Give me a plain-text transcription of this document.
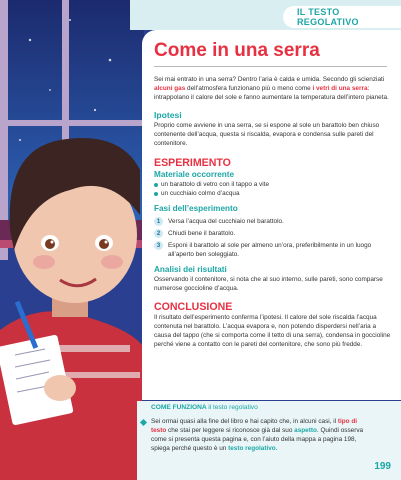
IL TESTO REGOLATIVO
Come in una serra
Sei mai entrato in una serra? Dentro l’aria è calda e umida. Secondo gli scienziati alcuni gas dell’atmosfera funzionano più o meno come i vetri di una serra: intrappolano il calore del sole e fanno aumentare la temperatura dell’intero pianeta.
Ipotesi
Proprio come avviene in una serra, se si espone al sole un barattolo ben chiuso contenente dell’acqua, questa si riscalda, evapora e condensa sulle pareti del contenitore.
ESPERIMENTO
Materiale occorrente
un barattolo di vetro con il tappo a vite
un cucchiaio colmo d’acqua
Fasi dell’esperimento
1	Versa l’acqua del cucchiaio nel barattolo.
2	Chiudi bene il barattolo.
3	Esponi il barattolo al sole per almeno un’ora, preferibilmente in un luogo all’aperto ben soleggiato.
Analisi dei risultati
Osservando il contenitore, si nota che al suo interno, sulle pareti, sono comparse numerose goccioline d’acqua.
CONCLUSIONE
Il risultato dell’esperimento conferma l’ipotesi. Il calore del sole riscalda l’acqua contenuta nel barattolo. L’acqua evapora e, non potendo disperdersi nell’aria a causa del tappo (che si comporta come il tetto di una serra), condensa in goccioline perché viene a contatto con le pareti del contenitore, che sono più fredde.
COME FUNZIONA il testo regolativo
Sei ormai quasi alla fine del libro e hai capito che, in alcuni casi, il tipo di testo che stai per leggere si riconosce già dal suo aspetto. Quindi osserva come si presenta questa pagina e, con l’aiuto della mappa a pagina 198, spiega perché questo è un testo regolativo.
199
